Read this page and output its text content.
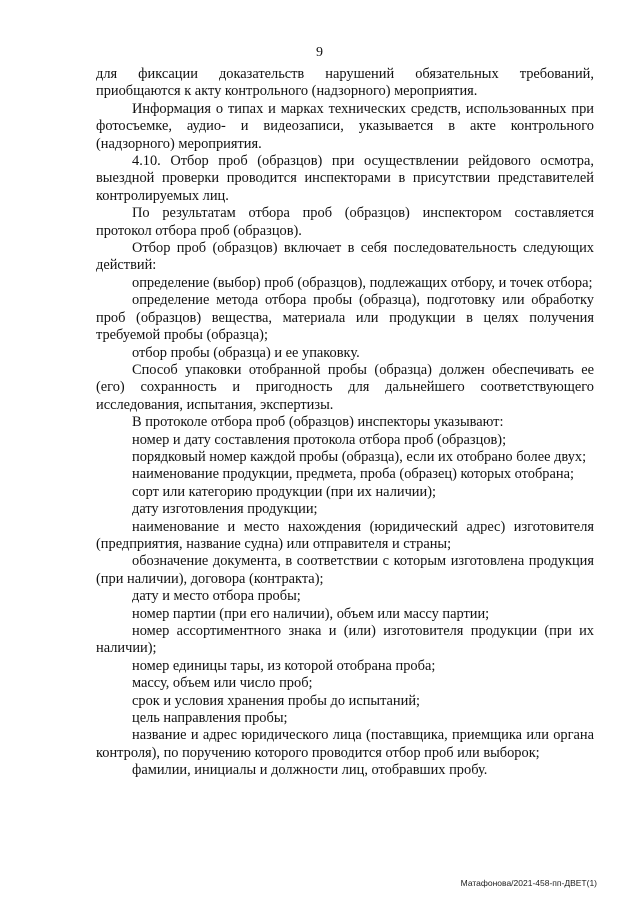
9

для фиксации доказательств нарушений обязательных требований, приобщаются к акту контрольного (надзорного) мероприятия.

Информация о типах и марках технических средств, использованных при фотосъемке, аудио- и видеозаписи, указывается в акте контрольного (надзорного) мероприятия.

4.10. Отбор проб (образцов) при осуществлении рейдового осмотра, выездной проверки проводится инспекторами в присутствии представителей контролируемых лиц.

По результатам отбора проб (образцов) инспектором составляется протокол отбора проб (образцов).

Отбор проб (образцов) включает в себя последовательность следующих действий:

определение (выбор) проб (образцов), подлежащих отбору, и точек отбора;

определение метода отбора пробы (образца), подготовку или обработку проб (образцов) вещества, материала или продукции в целях получения требуемой пробы (образца);

отбор пробы (образца) и ее упаковку.

Способ упаковки отобранной пробы (образца) должен обеспечивать ее (его) сохранность и пригодность для дальнейшего соответствующего исследования, испытания, экспертизы.

В протоколе отбора проб (образцов) инспекторы указывают:

номер и дату составления протокола отбора проб (образцов);

порядковый номер каждой пробы (образца), если их отобрано более двух;

наименование продукции, предмета, проба (образец) которых отобрана;

сорт или категорию продукции (при их наличии);

дату изготовления продукции;

наименование и место нахождения (юридический адрес) изготовителя (предприятия, название судна) или отправителя и страны;

обозначение документа, в соответствии с которым изготовлена продукция (при наличии), договора (контракта);

дату и место отбора пробы;

номер партии (при его наличии), объем или массу партии;

номер ассортиментного знака и (или) изготовителя продукции (при их наличии);

номер единицы тары, из которой отобрана проба;

массу, объем или число проб;

срок и условия хранения пробы до испытаний;

цель направления пробы;

название и адрес юридического лица (поставщика, приемщика или органа контроля), по поручению которого проводится отбор проб или выборок;

фамилии, инициалы и должности лиц, отобравших пробу.

Матафонова/2021-458-пп-ДВЕТ(1)
